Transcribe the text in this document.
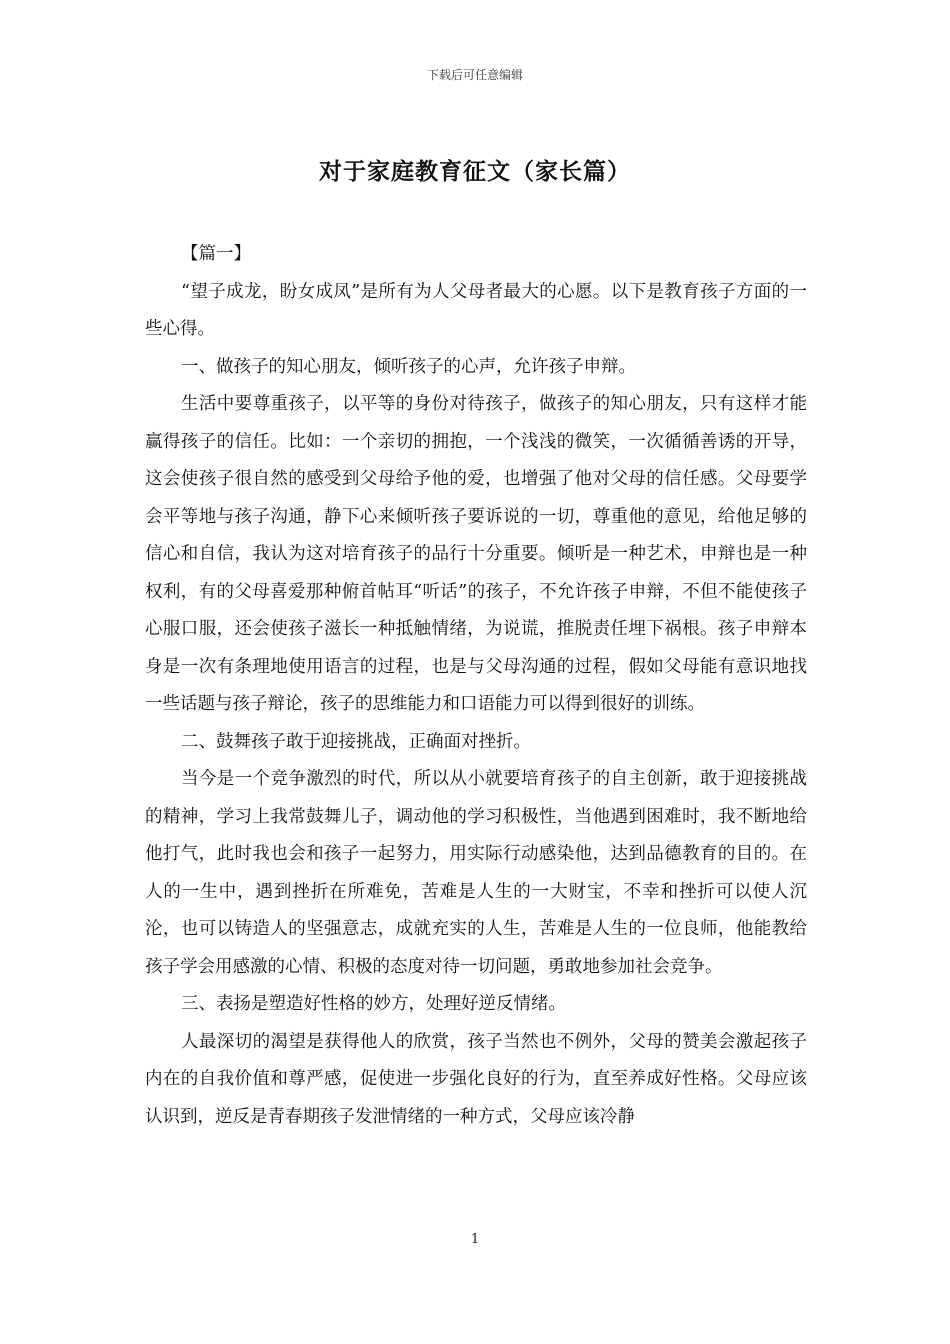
下载后可任意编辑
对于家庭教育征文（家长篇）

【篇一】

“望子成龙，盼女成凤”是所有为人父母者最大的心愿。以下是教育孩子方面的一些心得。

一、做孩子的知心朋友，倾听孩子的心声，允许孩子申辩。

生活中要尊重孩子，以平等的身份对待孩子，做孩子的知心朋友，只有这样才能赢得孩子的信任。比如：一个亲切的拥抱，一个浅浅的微笑，一次循循善诱的开导，这会使孩子很自然的感受到父母给予他的爱，也增强了他对父母的信任感。父母要学会平等地与孩子沟通，静下心来倾听孩子要诉说的一切，尊重他的意见，给他足够的信心和自信，我认为这对培育孩子的品行十分重要。倾听是一种艺术，申辩也是一种权利，有的父母喜爱那种俯首帖耳“听话”的孩子，不允许孩子申辩，不但不能使孩子心服口服，还会使孩子滋长一种抵触情绪，为说谎，推脱责任埋下祸根。孩子申辩本身是一次有条理地使用语言的过程，也是与父母沟通的过程，假如父母能有意识地找一些话题与孩子辩论，孩子的思维能力和口语能力可以得到很好的训练。

二、鼓舞孩子敢于迎接挑战，正确面对挫折。

当今是一个竞争激烈的时代，所以从小就要培育孩子的自主创新，敢于迎接挑战的精神，学习上我常鼓舞儿子，调动他的学习积极性，当他遇到困难时，我不断地给他打气，此时我也会和孩子一起努力，用实际行动感染他，达到品德教育的目的。在人的一生中，遇到挫折在所难免，苦难是人生的一大财宝，不幸和挫折可以使人沉沦，也可以铸造人的坚强意志，成就充实的人生，苦难是人生的一位良师，他能教给孩子学会用感激的心情、积极的态度对待一切问题，勇敢地参加社会竞争。

三、表扬是塑造好性格的妙方，处理好逆反情绪。

人最深切的渴望是获得他人的欣赏，孩子当然也不例外，父母的赞美会激起孩子内在的自我价值和尊严感，促使进一步强化良好的行为，直至养成好性格。父母应该认识到，逆反是青春期孩子发泄情绪的一种方式，父母应该冷静

1
